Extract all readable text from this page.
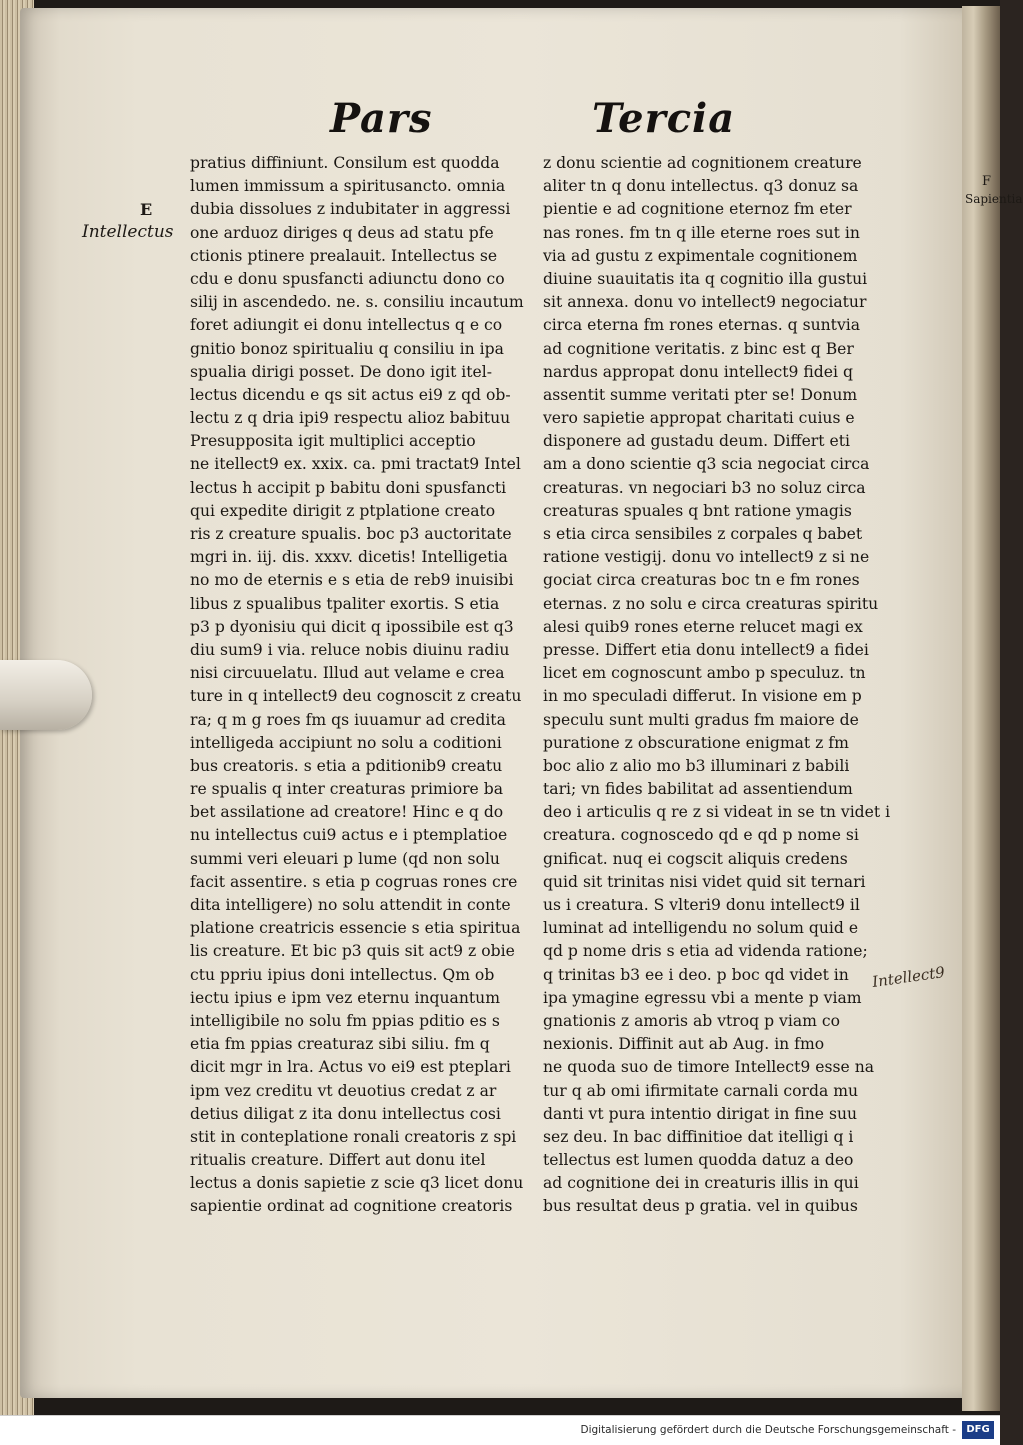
Pars	Tercia
E
Intellectus
F
Sapientia
Intellect9
pratius diffiniunt. Consilum est quodda
lumen immissum a spiritusancto. omnia
dubia dissolues z indubitater in aggressi
one arduoz diriges q deus ad statu pfe
ctionis ptinere prealauit. Intellectus se
cdu e donu spusfancti adiunctu dono co
silij in ascendedo. ne. s. consiliu incautum
foret adiungit ei donu intellectus q e co
gnitio bonoz spiritualiu q consiliu in ipa
spualia dirigi posset. De dono igit itel-
lectus dicendu e qs sit actus ei9 z qd ob-
lectu z q dria ipi9 respectu alioz babituu
Presupposita igit multiplici acceptio
ne itellect9 ex. xxix. ca. pmi tractat9 Intel
lectus h accipit p babitu doni spusfancti
qui expedite dirigit z ptplatione creato
ris z creature spualis. boc p3 auctoritate
mgri in. iij. dis. xxxv. dicetis! Intelligetia
no mo de eternis e s etia de reb9 inuisibi
libus z spualibus tpaliter exortis. S etia
p3 p dyonisiu qui dicit q ipossibile est q3
diu sum9 i via. reluce nobis diuinu radiu
nisi circuuelatu. Illud aut velame e crea
ture in q intellect9 deu cognoscit z creatu
ra; q m g roes fm qs iuuamur ad credita
intelligeda accipiunt no solu a coditioni
bus creatoris. s etia a pditionib9 creatu
re spualis q inter creaturas primiore ba
bet assilatione ad creatore! Hinc e q do
nu intellectus cui9 actus e i ptemplatioe
summi veri eleuari p lume (qd non solu
facit assentire. s etia p cogruas rones cre
dita intelligere) no solu attendit in conte
platione creatricis essencie s etia spiritua
lis creature. Et bic p3 quis sit act9 z obie
ctu ppriu ipius doni intellectus. Qm ob
iectu ipius e ipm vez eternu inquantum
intelligibile no solu fm ppias pditio es s
etia fm ppias creaturaz sibi siliu. fm q
dicit mgr in lra. Actus vo ei9 est pteplari
ipm vez creditu vt deuotius credat z ar
detius diligat z ita donu intellectus cosi
stit in conteplatione ronali creatoris z spi
ritualis creature. Differt aut donu itel
lectus a donis sapietie z scie q3 licet donu
sapientie ordinat ad cognitione creatoris
z donu scientie ad cognitionem creature
aliter tn q donu intellectus. q3 donuz sa
pientie e ad cognitione eternoz fm eter
nas rones. fm tn q ille eterne roes sut in
via ad gustu z expimentale cognitionem
diuine suauitatis ita q cognitio illa gustui
sit annexa. donu vo intellect9 negociatur
circa eterna fm rones eternas. q suntvia
ad cognitione veritatis. z binc est q Ber
nardus appropat donu intellect9 fidei q
assentit summe veritati pter se! Donum
vero sapietie appropat charitati cuius e
disponere ad gustadu deum. Differt eti
am a dono scientie q3 scia negociat circa
creaturas. vn negociari b3 no soluz circa
creaturas spuales q bnt ratione ymagis
s etia circa sensibiles z corpales q babet
ratione vestigij. donu vo intellect9 z si ne
gociat circa creaturas boc tn e fm rones
eternas. z no solu e circa creaturas spiritu
alesi quib9 rones eterne relucet magi ex
presse. Differt etia donu intellect9 a fidei
licet em cognoscunt ambo p speculuz. tn
in mo speculadi differut. In visione em p
speculu sunt multi gradus fm maiore de
puratione z obscuratione enigmat z fm
boc alio z alio mo b3 illuminari z babili
tari; vn fides babilitat ad assentiendum
deo i articulis q re z si videat in se tn videt i
creatura. cognoscedo qd e qd p nome si
gnificat. nuq ei cogscit aliquis credens
quid sit trinitas nisi videt quid sit ternari
us i creatura. S vlteri9 donu intellect9 il
luminat ad intelligendu no solum quid e
qd p nome dris s etia ad videnda ratione;
q trinitas b3 ee i deo. p boc qd videt in
ipa ymagine egressu vbi a mente p viam
gnationis z amoris ab vtroq p viam co
nexionis. Diffinit aut ab Aug. in fmo
ne quoda suo de timore Intellect9 esse na
tur q ab omi ifirmitate carnali corda mu
danti vt pura intentio dirigat in fine suu
sez deu. In bac diffinitioe dat itelligi q i
tellectus est lumen quodda datuz a deo
ad cognitione dei in creaturis illis in qui
bus resultat deus p gratia. vel in quibus
Digitalisierung gefördert durch die Deutsche Forschungsgemeinschaft -	DFG
